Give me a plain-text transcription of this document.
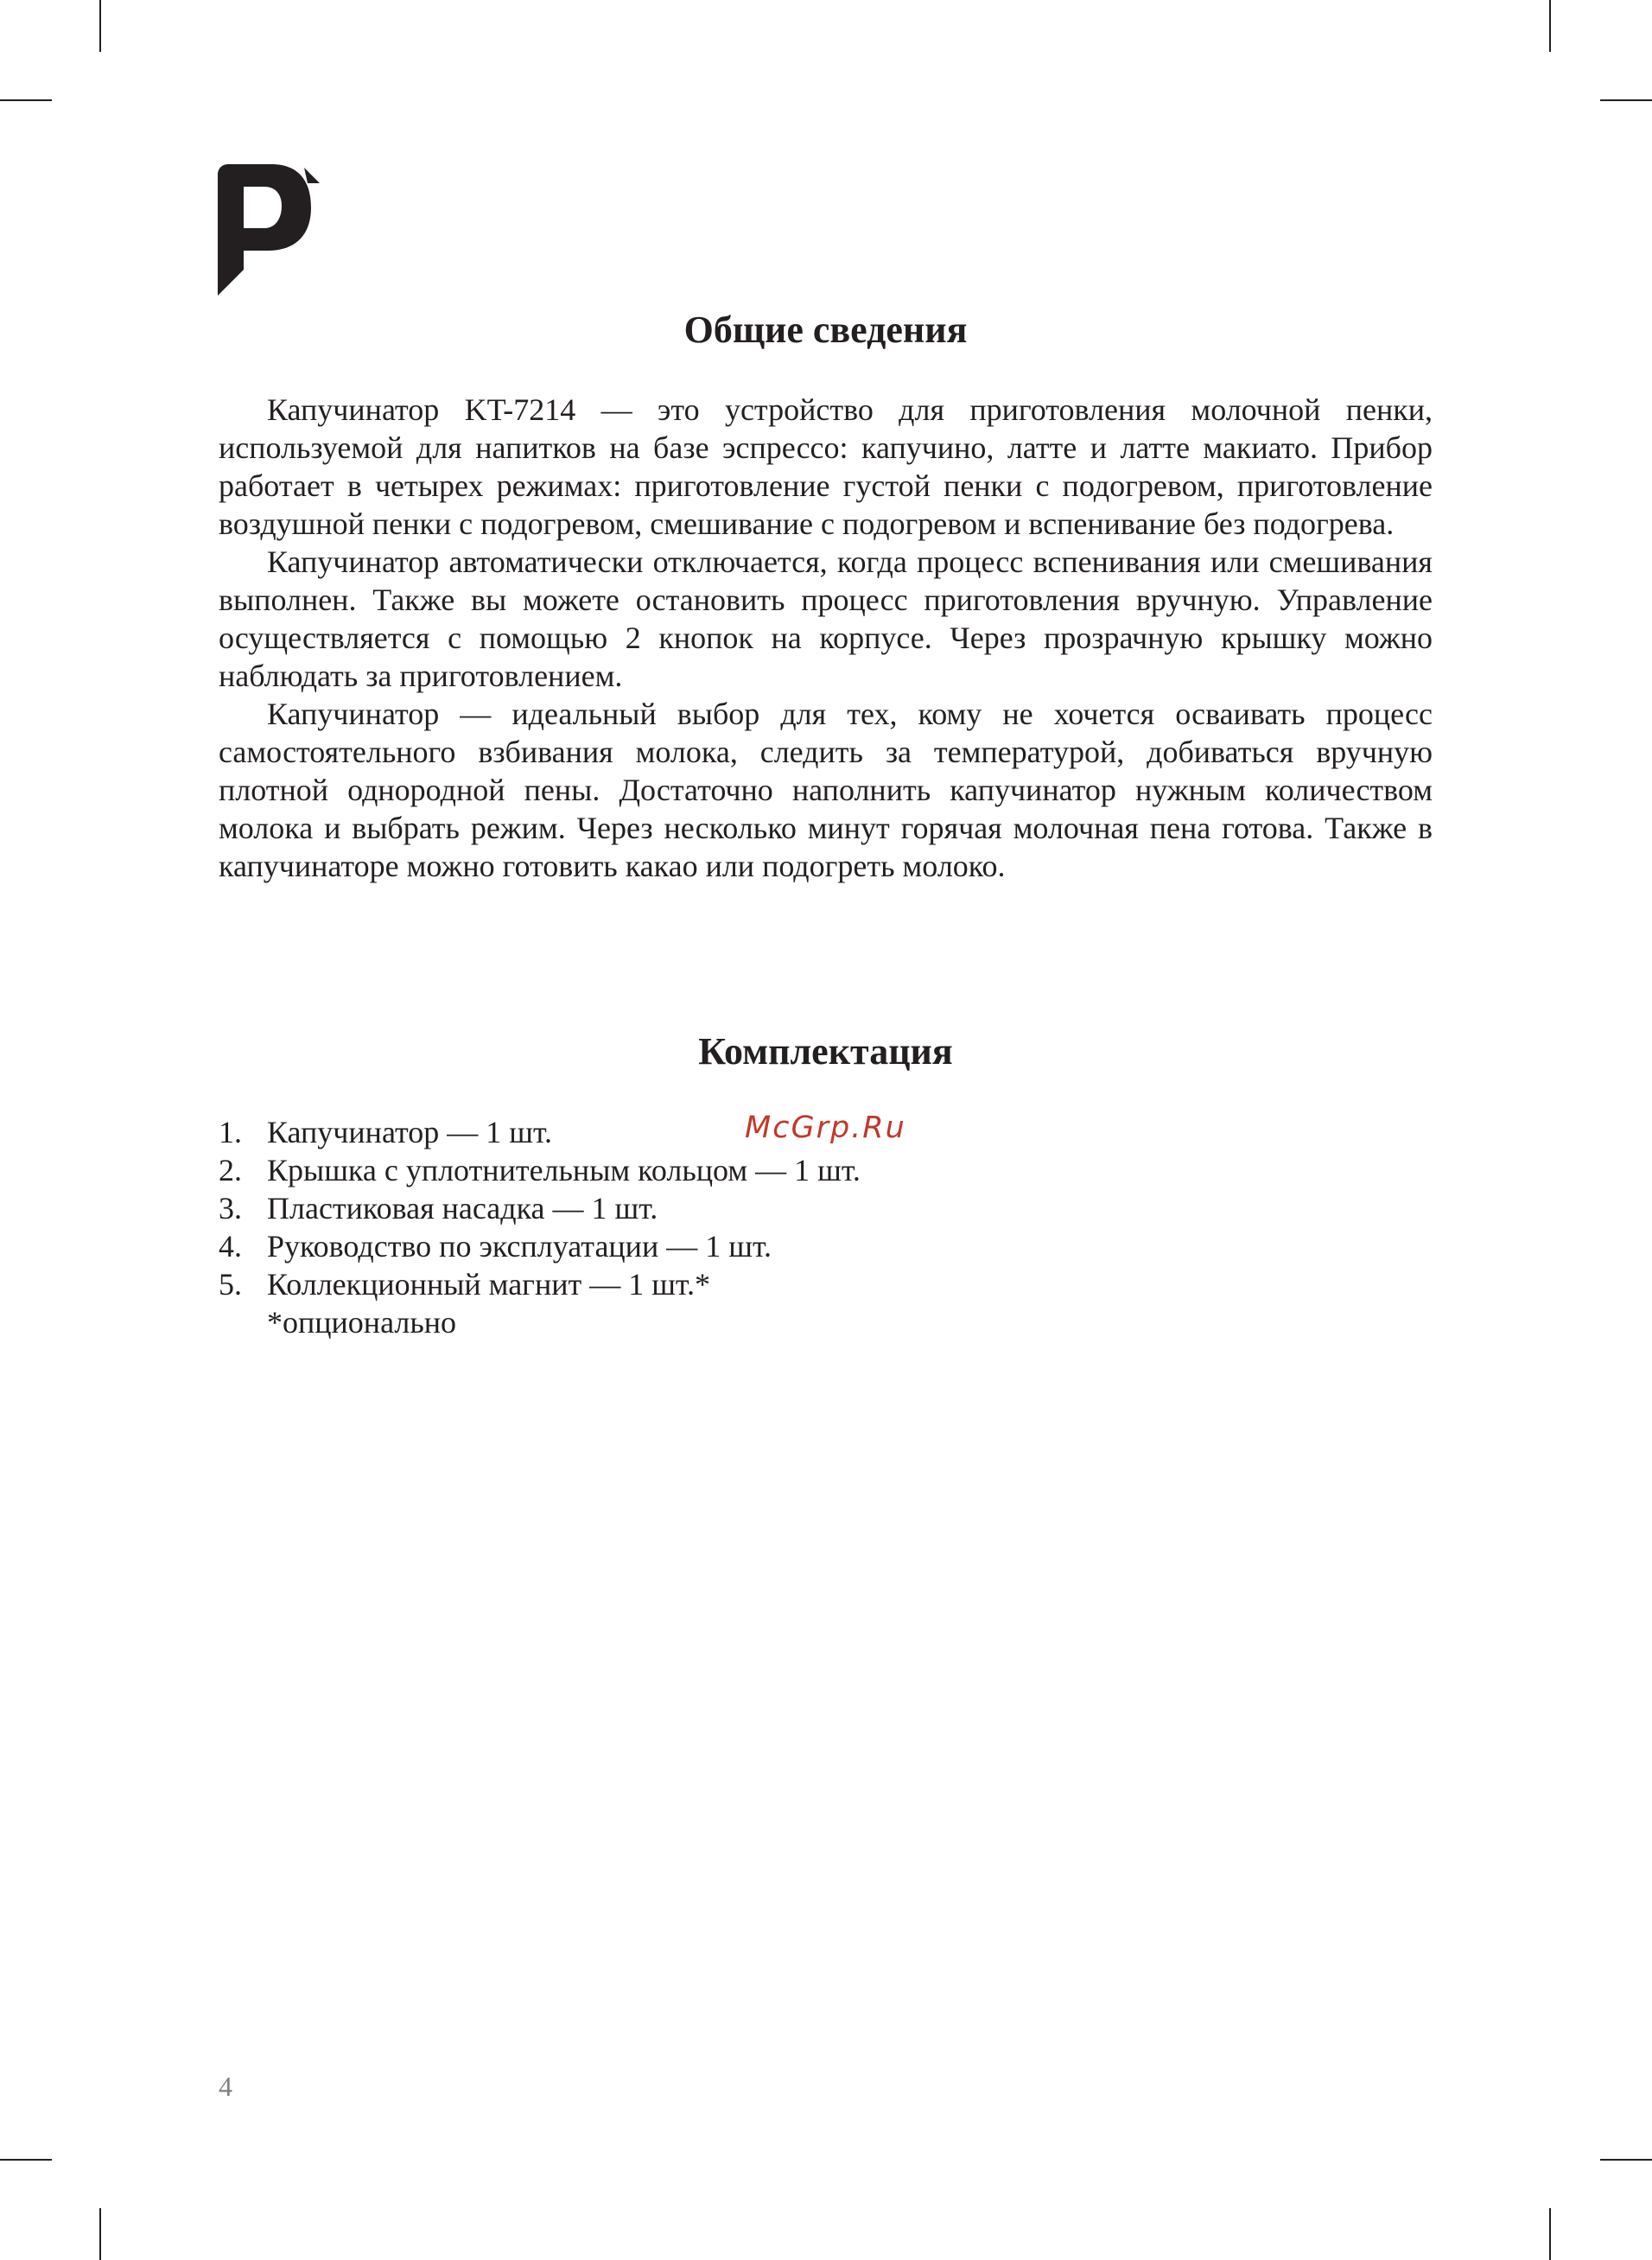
Общие сведения

Капучинатор KT-7214 — это устройство для приготовления молочной пенки, используемой для напитков на базе эспрессо: капучино, латте и латте макиато. Прибор работает в четырех режимах: приготовление густой пенки с подогревом, приготовление воздушной пенки с подогревом, смешивание с подогревом и вспенивание без подогрева.

Капучинатор автоматически отключается, когда процесс вспенивания или смешивания выполнен. Также вы можете остановить процесс приготовления вручную. Управление осуществляется с помощью 2 кнопок на корпусе. Через прозрачную крышку можно наблюдать за приготовлением.

Капучинатор — идеальный выбор для тех, кому не хочется осваивать процесс самостоятельного взбивания молока, следить за температурой, добиваться вручную плотной однородной пены. Достаточно наполнить капучинатор нужным количеством молока и выбрать режим. Через несколько минут горячая молочная пена готова. Также в капучинаторе можно готовить какао или подогреть молоко.

Комплектация
1. Капучинатор — 1 шт.
2. Крышка с уплотнительным кольцом — 1 шт.
3. Пластиковая насадка — 1 шт.
4. Руководство по эксплуатации — 1 шт.
5. Коллекционный магнит — 1 шт.*
*опционально
McGrp.Ru
4
